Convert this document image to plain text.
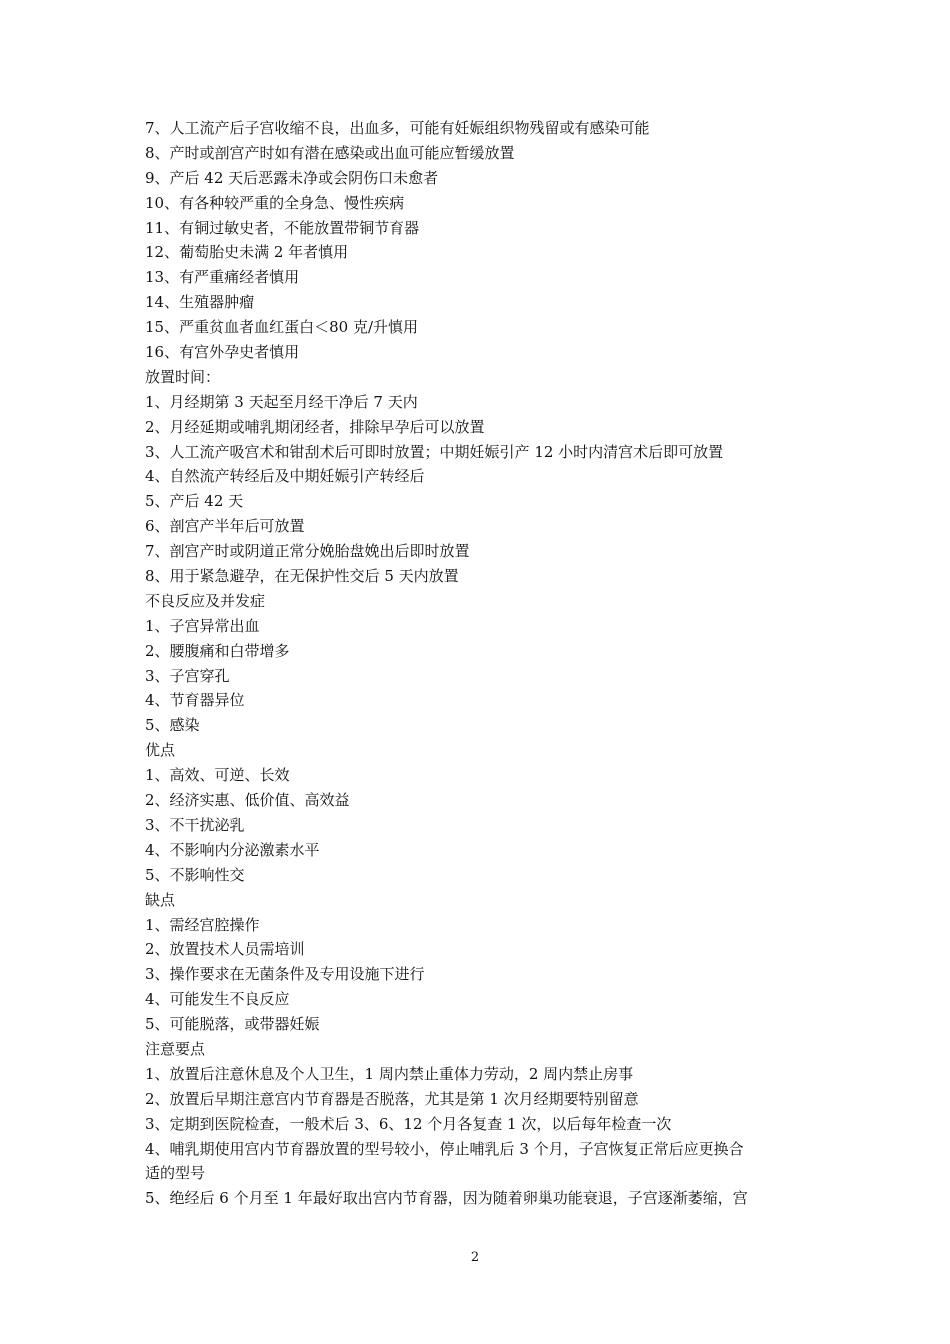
7、人工流产后子宫收缩不良，出血多，可能有妊娠组织物残留或有感染可能
8、产时或剖宫产时如有潜在感染或出血可能应暂缓放置
9、产后 42 天后恶露未净或会阴伤口未愈者
10、有各种较严重的全身急、慢性疾病
11、有铜过敏史者，不能放置带铜节育器
12、葡萄胎史未满 2 年者慎用
13、有严重痛经者慎用
14、生殖器肿瘤
15、严重贫血者血红蛋白＜80 克/升慎用
16、有宫外孕史者慎用
放置时间：
1、月经期第 3 天起至月经干净后 7 天内
2、月经延期或哺乳期闭经者，排除早孕后可以放置
3、人工流产吸宫术和钳刮术后可即时放置；中期妊娠引产 12 小时内清宫术后即可放置
4、自然流产转经后及中期妊娠引产转经后
5、产后 42 天
6、剖宫产半年后可放置
7、剖宫产时或阴道正常分娩胎盘娩出后即时放置
8、用于紧急避孕，在无保护性交后 5 天内放置
不良反应及并发症
1、子宫异常出血
2、腰腹痛和白带增多
3、子宫穿孔
4、节育器异位
5、感染
优点
1、高效、可逆、长效
2、经济实惠、低价值、高效益
3、不干扰泌乳
4、不影响内分泌激素水平
5、不影响性交
缺点
1、需经宫腔操作
2、放置技术人员需培训
3、操作要求在无菌条件及专用设施下进行
4、可能发生不良反应
5、可能脱落，或带器妊娠
注意要点
1、放置后注意休息及个人卫生，1 周内禁止重体力劳动，2 周内禁止房事
2、放置后早期注意宫内节育器是否脱落，尤其是第 1 次月经期要特别留意
3、定期到医院检查，一般术后 3、6、12 个月各复查 1 次，以后每年检查一次
4、哺乳期使用宫内节育器放置的型号较小，停止哺乳后 3 个月，子宫恢复正常后应更换合
适的型号
5、绝经后 6 个月至 1 年最好取出宫内节育器，因为随着卵巢功能衰退，子宫逐渐萎缩，宫
2
